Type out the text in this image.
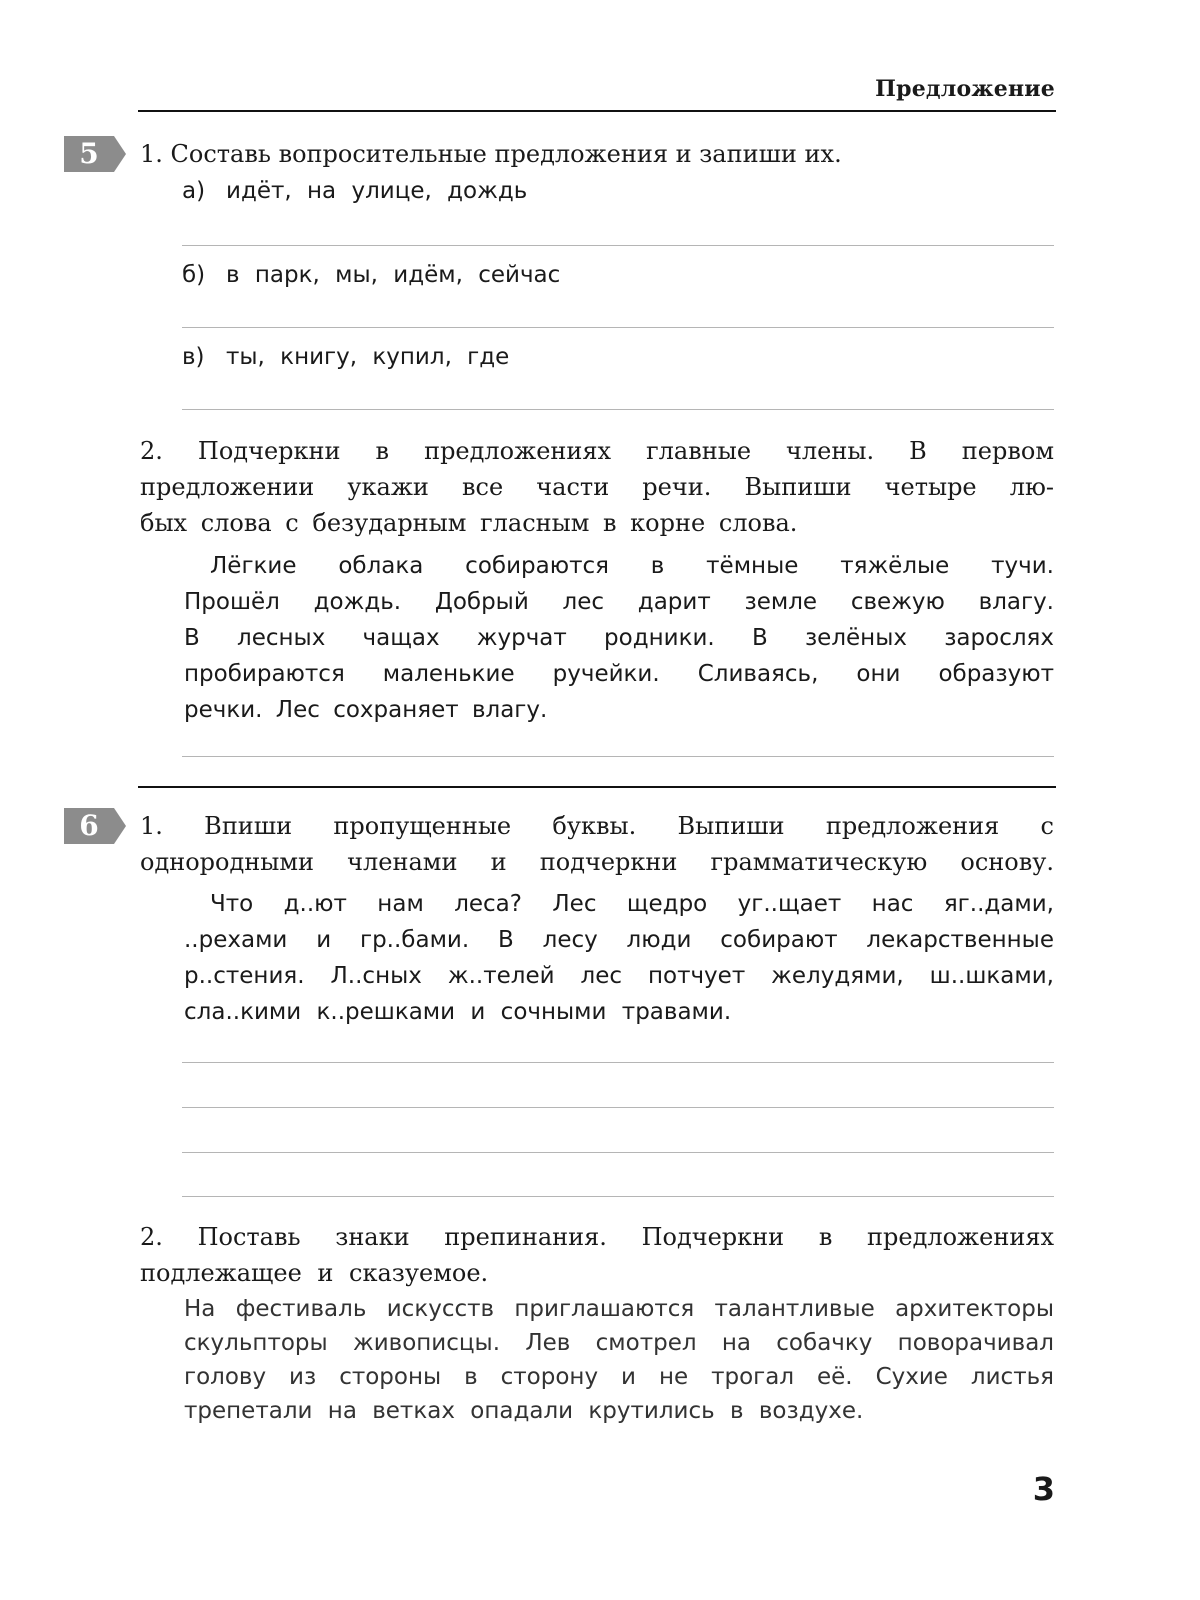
Предложение
5	1. Составь вопросительные предложения и запиши их.
а) идёт, на улице, дождь
б) в парк, мы, идём, сейчас
в) ты, книгу, купил, где
2. Подчеркни в предложениях главные члены. В первом
предложении укажи все части речи. Выпиши четыре лю-
бых слова с безударным гласным в корне слова.
Лёгкие облака собираются в тёмные тяжёлые тучи.
Прошёл дождь. Добрый лес дарит земле свежую влагу.
В лесных чащах журчат родники. В зелёных зарослях
пробираются маленькие ручейки. Сливаясь, они образуют
речки. Лес сохраняет влагу.
6	1. Впиши пропущенные буквы. Выпиши предложения с
однородными членами и подчеркни грамматическую основу.
Что д..ют нам леса? Лес щедро уг..щает нас яг..дами,
..рехами и гр..бами. В лесу люди собирают лекарственные
р..стения. Л..сных ж..телей лес потчует желудями, ш..шками,
сла..кими к..решками и сочными травами.
2. Поставь знаки препинания. Подчеркни в предложениях
подлежащее и сказуемое.
На фестиваль искусств приглашаются талантливые архитекторы
скульпторы живописцы. Лев смотрел на собачку поворачивал
голову из стороны в сторону и не трогал её. Сухие листья
трепетали на ветках опадали крутились в воздухе.
3
